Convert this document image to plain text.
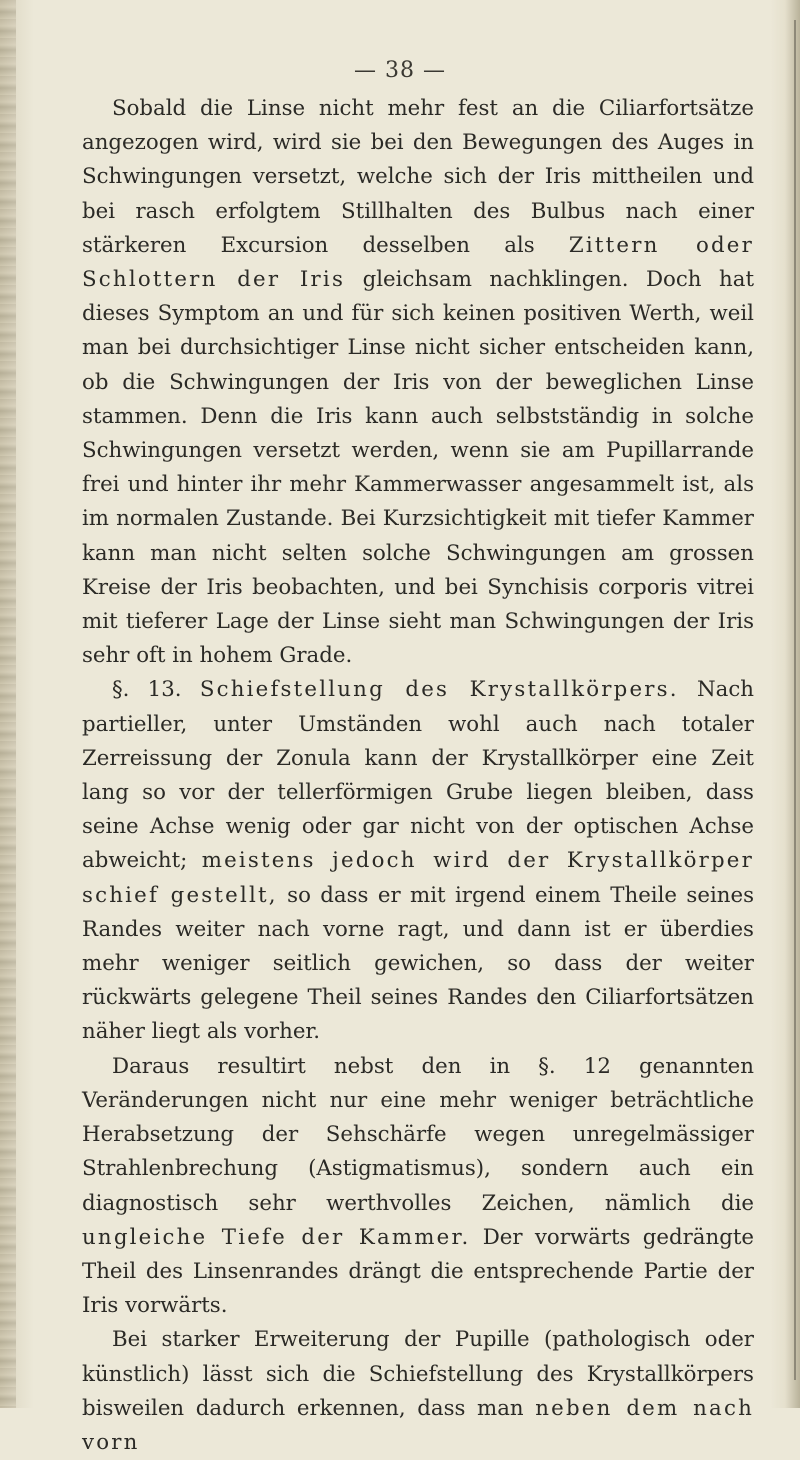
— 38 —

Sobald die Linse nicht mehr fest an die Ciliarfortsätze angezogen wird, wird sie bei den Bewegungen des Auges in Schwingungen versetzt, welche sich der Iris mittheilen und bei rasch erfolgtem Stillhalten des Bulbus nach einer stärkeren Excursion desselben als Zittern oder Schlottern der Iris gleichsam nachklingen. Doch hat dieses Symptom an und für sich keinen positiven Werth, weil man bei durchsichtiger Linse nicht sicher entscheiden kann, ob die Schwingungen der Iris von der beweglichen Linse stammen. Denn die Iris kann auch selbstständig in solche Schwingungen versetzt werden, wenn sie am Pupillarrande frei und hinter ihr mehr Kammerwasser angesammelt ist, als im normalen Zustande. Bei Kurzsichtigkeit mit tiefer Kammer kann man nicht selten solche Schwingungen am grossen Kreise der Iris beobachten, und bei Synchisis corporis vitrei mit tieferer Lage der Linse sieht man Schwingungen der Iris sehr oft in hohem Grade.

§. 13. Schiefstellung des Krystallkörpers. Nach partieller, unter Umständen wohl auch nach totaler Zerreissung der Zonula kann der Krystallkörper eine Zeit lang so vor der tellerförmigen Grube liegen bleiben, dass seine Achse wenig oder gar nicht von der optischen Achse abweicht; meistens jedoch wird der Krystallkörper schief gestellt, so dass er mit irgend einem Theile seines Randes weiter nach vorne ragt, und dann ist er überdies mehr weniger seitlich gewichen, so dass der weiter rückwärts gelegene Theil seines Randes den Ciliarfortsätzen näher liegt als vorher.

Daraus resultirt nebst den in §. 12 genannten Veränderungen nicht nur eine mehr weniger beträchtliche Herabsetzung der Sehschärfe wegen unregelmässiger Strahlenbrechung (Astigmatismus), sondern auch ein diagnostisch sehr werthvolles Zeichen, nämlich die ungleiche Tiefe der Kammer. Der vorwärts gedrängte Theil des Linsenrandes drängt die entsprechende Partie der Iris vorwärts.

Bei starker Erweiterung der Pupille (pathologisch oder künstlich) lässt sich die Schiefstellung des Krystallkörpers bisweilen dadurch erkennen, dass man neben dem nach vorn
